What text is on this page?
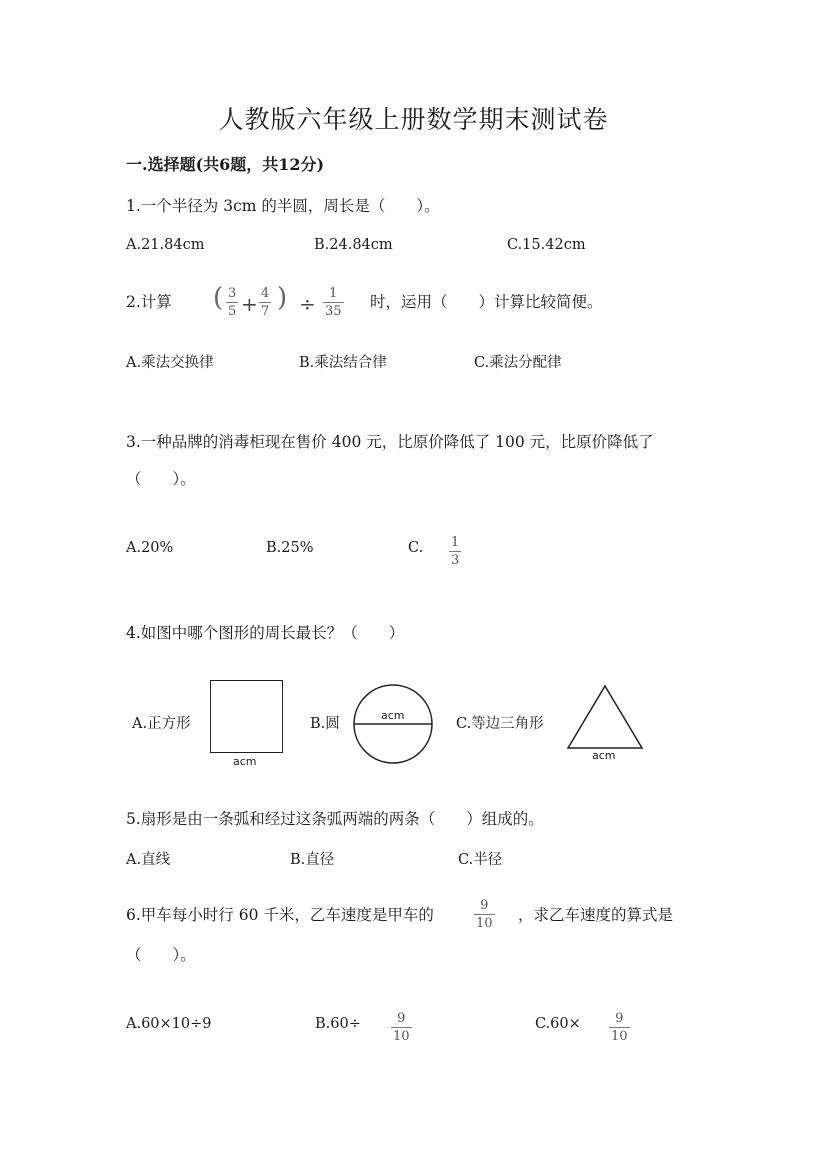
人教版六年级上册数学期末测试卷
一.选择题(共6题，共12分)
1.一个半径为 3cm 的半圆，周长是（　　）。
A.21.84cm	B.24.84cm	C.15.42cm
2.计算 ( 3
5 + 4
7 ) ÷ 1
35
时，运用（　　）计算比较简便。
A.乘法交换律	B.乘法结合律	C.乘法分配律
3.一种品牌的消毒柜现在售价 400 元，比原价降低了 100 元，比原价降低了
（　　）。
A.20%	B.25%	C. 1
3
4.如图中哪个图形的周长最长？（　　）
A.正方形
acm
B.圆
acm
C.等边三角形
acm
5.扇形是由一条弧和经过这条弧两端的两条（　　）组成的。
A.直线	B.直径	C.半径
6.甲车每小时行 60 千米，乙车速度是甲车的
9
10 ，求乙车速度的算式是
（　　）。
A.60×10÷9	B.60÷	9
10
C.60×	9
10
